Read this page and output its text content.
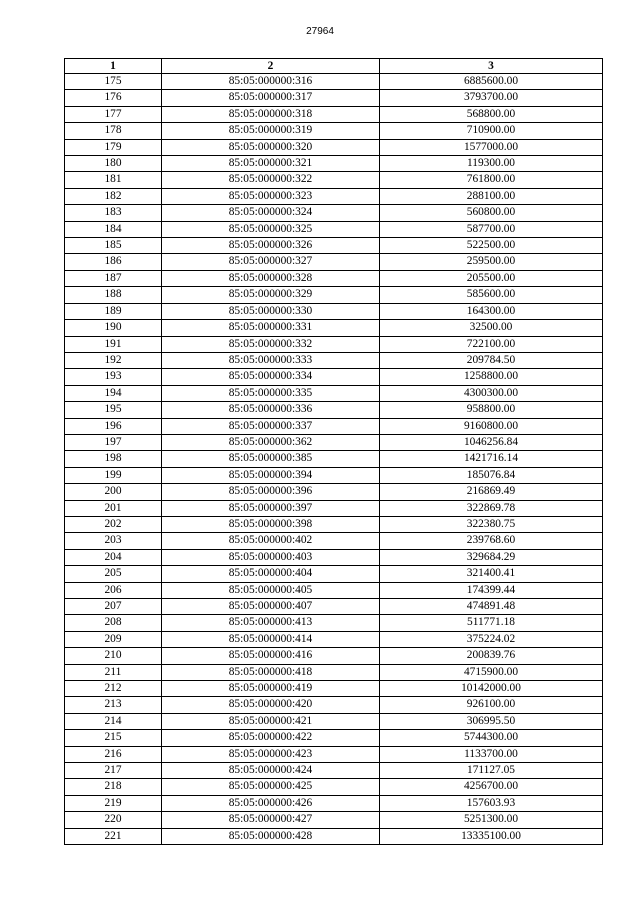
27964
1	2	3
175	85:05:000000:316	6885600.00
176	85:05:000000:317	3793700.00
177	85:05:000000:318	568800.00
178	85:05:000000:319	710900.00
179	85:05:000000:320	1577000.00
180	85:05:000000:321	119300.00
181	85:05:000000:322	761800.00
182	85:05:000000:323	288100.00
183	85:05:000000:324	560800.00
184	85:05:000000:325	587700.00
185	85:05:000000:326	522500.00
186	85:05:000000:327	259500.00
187	85:05:000000:328	205500.00
188	85:05:000000:329	585600.00
189	85:05:000000:330	164300.00
190	85:05:000000:331	32500.00
191	85:05:000000:332	722100.00
192	85:05:000000:333	209784.50
193	85:05:000000:334	1258800.00
194	85:05:000000:335	4300300.00
195	85:05:000000:336	958800.00
196	85:05:000000:337	9160800.00
197	85:05:000000:362	1046256.84
198	85:05:000000:385	1421716.14
199	85:05:000000:394	185076.84
200	85:05:000000:396	216869.49
201	85:05:000000:397	322869.78
202	85:05:000000:398	322380.75
203	85:05:000000:402	239768.60
204	85:05:000000:403	329684.29
205	85:05:000000:404	321400.41
206	85:05:000000:405	174399.44
207	85:05:000000:407	474891.48
208	85:05:000000:413	511771.18
209	85:05:000000:414	375224.02
210	85:05:000000:416	200839.76
211	85:05:000000:418	4715900.00
212	85:05:000000:419	10142000.00
213	85:05:000000:420	926100.00
214	85:05:000000:421	306995.50
215	85:05:000000:422	5744300.00
216	85:05:000000:423	1133700.00
217	85:05:000000:424	171127.05
218	85:05:000000:425	4256700.00
219	85:05:000000:426	157603.93
220	85:05:000000:427	5251300.00
221	85:05:000000:428	13335100.00
